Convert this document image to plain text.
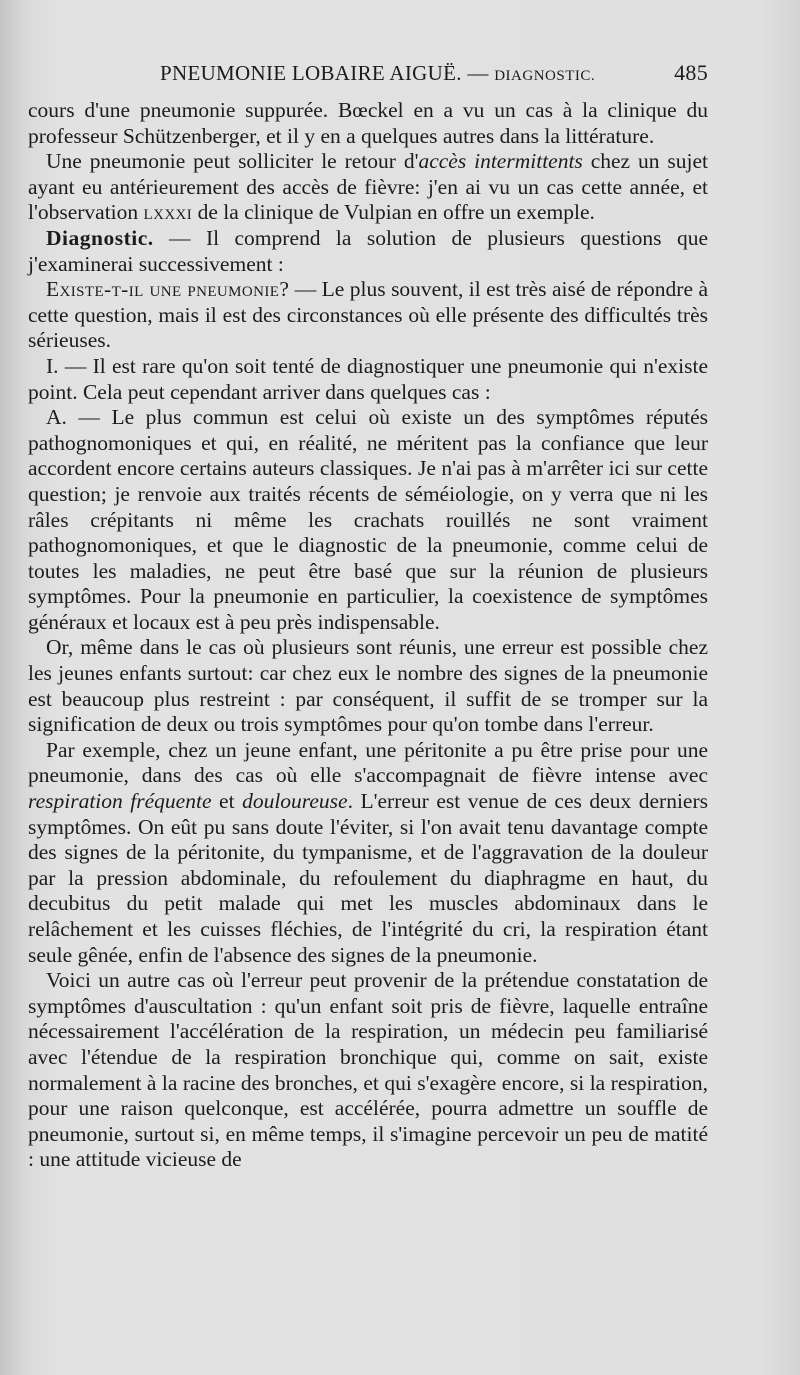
PNEUMONIE LOBAIRE AIGUË. — DIAGNOSTIC.	485

cours d'une pneumonie suppurée. Bœckel en a vu un cas à la clinique du professeur Schützenberger, et il y en a quelques autres dans la littérature.

Une pneumonie peut solliciter le retour d'accès intermittents chez un sujet ayant eu antérieurement des accès de fièvre: j'en ai vu un cas cette année, et l'observation lxxxi de la clinique de Vulpian en offre un exemple.

Diagnostic. — Il comprend la solution de plusieurs questions que j'examinerai successivement :

Existe-t-il une pneumonie? — Le plus souvent, il est très aisé de répondre à cette question, mais il est des circonstances où elle présente des difficultés très sérieuses.

I. — Il est rare qu'on soit tenté de diagnostiquer une pneumonie qui n'existe point. Cela peut cependant arriver dans quelques cas :

A. — Le plus commun est celui où existe un des symptômes réputés pathognomoniques et qui, en réalité, ne méritent pas la confiance que leur accordent encore certains auteurs classiques. Je n'ai pas à m'arrêter ici sur cette question; je renvoie aux traités récents de séméiologie, on y verra que ni les râles crépitants ni même les crachats rouillés ne sont vraiment pathognomoniques, et que le diagnostic de la pneumonie, comme celui de toutes les maladies, ne peut être basé que sur la réunion de plusieurs symptômes. Pour la pneumonie en particulier, la coexistence de symptômes généraux et locaux est à peu près indispensable.

Or, même dans le cas où plusieurs sont réunis, une erreur est possible chez les jeunes enfants surtout: car chez eux le nombre des signes de la pneumonie est beaucoup plus restreint : par conséquent, il suffit de se tromper sur la signification de deux ou trois symptômes pour qu'on tombe dans l'erreur.

Par exemple, chez un jeune enfant, une péritonite a pu être prise pour une pneumonie, dans des cas où elle s'accompagnait de fièvre intense avec respiration fréquente et douloureuse. L'erreur est venue de ces deux derniers symptômes. On eût pu sans doute l'éviter, si l'on avait tenu davantage compte des signes de la péritonite, du tympanisme, et de l'aggravation de la douleur par la pression abdominale, du refoulement du diaphragme en haut, du decubitus du petit malade qui met les muscles abdominaux dans le relâchement et les cuisses fléchies, de l'intégrité du cri, la respiration étant seule gênée, enfin de l'absence des signes de la pneumonie.

Voici un autre cas où l'erreur peut provenir de la prétendue constatation de symptômes d'auscultation : qu'un enfant soit pris de fièvre, laquelle entraîne nécessairement l'accélération de la respiration, un médecin peu familiarisé avec l'étendue de la respiration bronchique qui, comme on sait, existe normalement à la racine des bronches, et qui s'exagère encore, si la respiration, pour une raison quelconque, est accélérée, pourra admettre un souffle de pneumonie, surtout si, en même temps, il s'imagine percevoir un peu de matité : une attitude vicieuse de
